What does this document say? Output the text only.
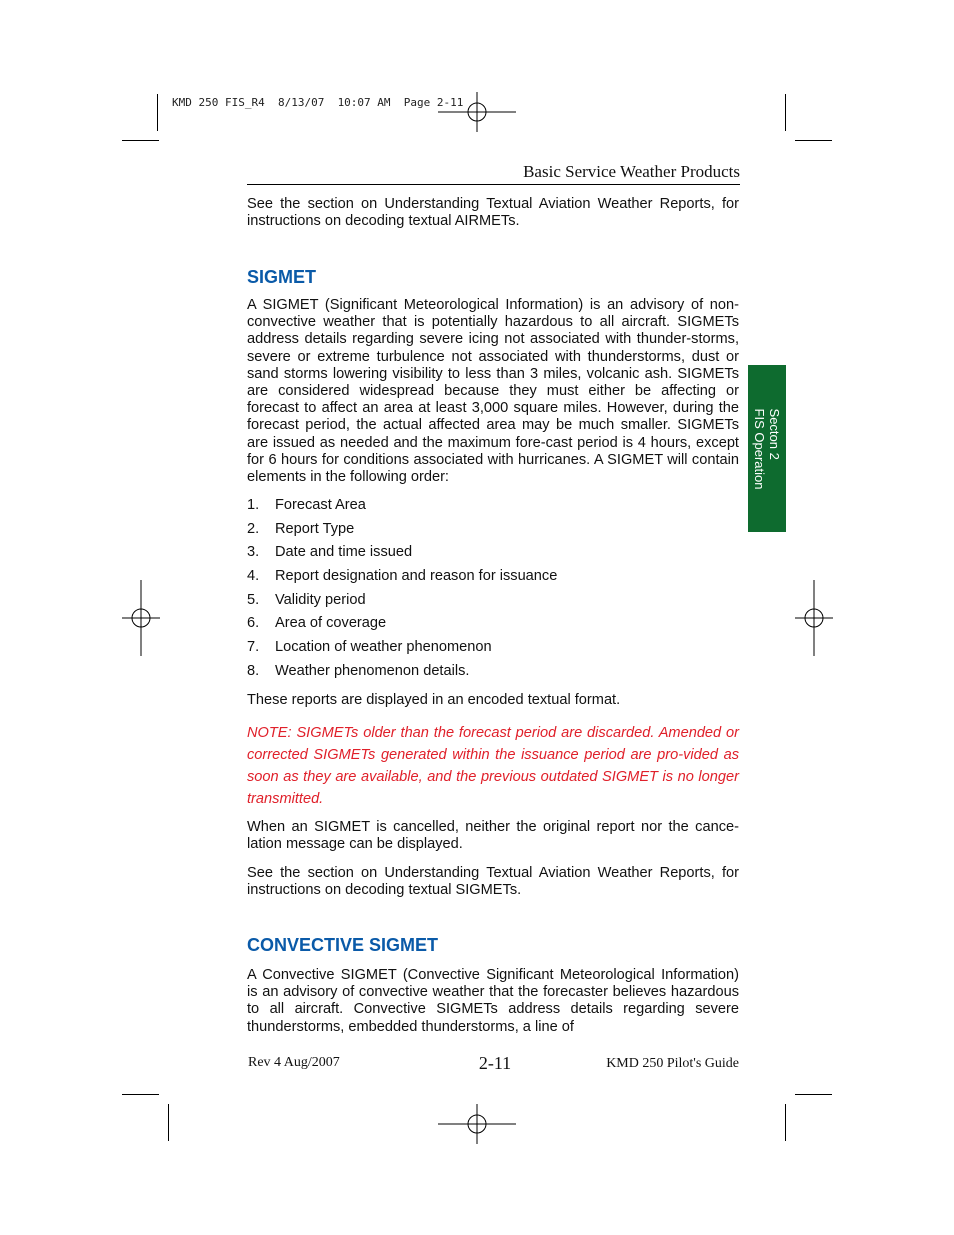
KMD 250 FIS_R4  8/13/07  10:07 AM  Page 2-11
Basic Service Weather Products

See the section on Understanding Textual Aviation Weather Reports, for instructions on decoding textual AIRMETs.

SIGMET

A SIGMET (Significant Meteorological Information) is an advisory of non-convective weather that is potentially hazardous to all aircraft. SIGMETs address details regarding severe icing not associated with thunder-storms, severe or extreme turbulence not associated with thunderstorms, dust or sand storms lowering visibility to less than 3 miles, volcanic ash. SIGMETs are considered widespread because they must either be affecting or forecast to affect an area at least 3,000 square miles. However, during the forecast period, the actual affected area may be much smaller. SIGMETs are issued as needed and the maximum fore-cast period is 4 hours, except for 6 hours for conditions associated with hurricanes. A SIGMET will contain elements in the following order:

1. Forecast Area
2. Report Type
3. Date and time issued
4. Report designation and reason for issuance
5. Validity period
6. Area of coverage
7. Location of weather phenomenon
8. Weather phenomenon details.

These reports are displayed in an encoded textual format.

NOTE: SIGMETs older than the forecast period are discarded. Amended or corrected SIGMETs generated within the issuance period are pro-vided as soon as they are available, and the previous outdated SIGMET is no longer transmitted.

When an SIGMET is cancelled, neither the original report nor the cance-lation message can be displayed.

See the section on Understanding Textual Aviation Weather Reports, for instructions on decoding textual SIGMETs.

CONVECTIVE SIGMET

A Convective SIGMET (Convective Significant Meteorological Information) is an advisory of convective weather that the forecaster believes hazardous to all aircraft. Convective SIGMETs address details regarding severe thunderstorms, embedded thunderstorms, a line of

Secton 2
FIS Operation
Rev 4 Aug/2007	2-11	KMD 250 Pilot's Guide
